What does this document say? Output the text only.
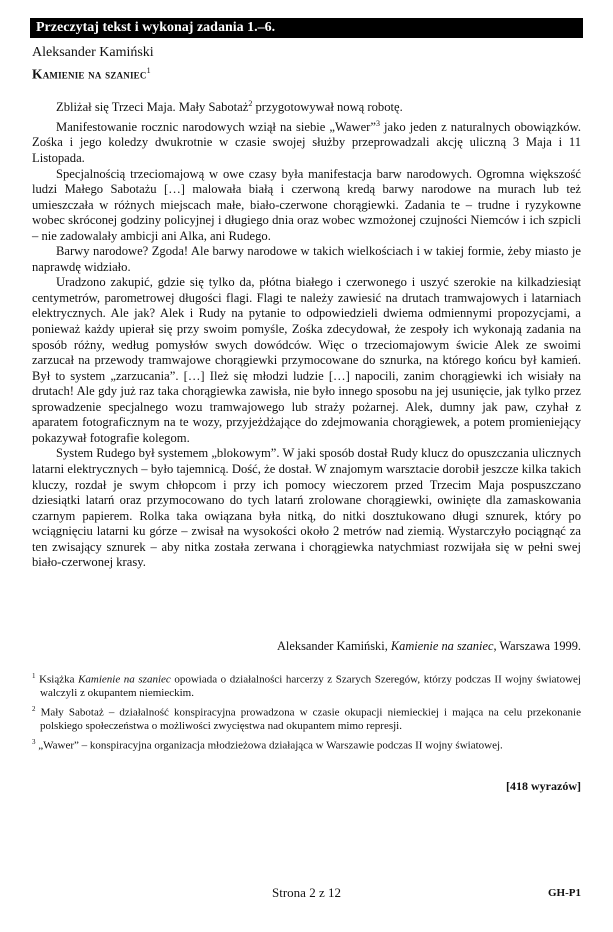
Przeczytaj tekst i wykonaj zadania 1.–6.
Aleksander Kamiński
Kamienie na szaniec$^1$

Zbliżał się Trzeci Maja. Mały Sabotaż$^2$ przygotowywał nową robotę.

Manifestowanie rocznic narodowych wziął na siebie „Wawer”$^3$ jako jeden z naturalnych obowiązków. Zośka i jego koledzy dwukrotnie w czasie swojej służby przeprowadzali akcję uliczną 3 Maja i 11 Listopada.

Specjalnością trzeciomajową w owe czasy była manifestacja barw narodowych. Ogromna większość ludzi Małego Sabotażu […] malowała białą i czerwoną kredą barwy narodowe na murach lub też umieszczała w różnych miejscach małe, biało-czerwone chorągiewki. Zadania te – trudne i ryzykowne wobec skróconej godziny policyjnej i długiego dnia oraz wobec wzmożonej czujności Niemców i ich szpicli – nie zadowalały ambicji ani Alka, ani Rudego.

Barwy narodowe? Zgoda! Ale barwy narodowe w takich wielkościach i w takiej formie, żeby miasto je naprawdę widziało.

Uradzono zakupić, gdzie się tylko da, płótna białego i czerwonego i uszyć szerokie na kilkadziesiąt centymetrów, parometrowej długości flagi. Flagi te należy zawiesić na drutach tramwajowych i latarniach elektrycznych. Ale jak? Alek i Rudy na pytanie to odpowiedzieli dwiema odmiennymi propozycjami, a ponieważ każdy upierał się przy swoim pomyśle, Zośka zdecydował, że zespoły ich wykonają zadania na sposób różny, według pomysłów swych dowódców. Więc o trzeciomajowym świcie Alek ze swoimi zarzucał na przewody tramwajowe chorągiewki przymocowane do sznurka, na którego końcu był kamień. Był to system „zarzucania”. […] Ileż się młodzi ludzie […] napocili, zanim chorągiewki ich wisiały na drutach! Ale gdy już raz taka chorągiewka zawisła, nie było innego sposobu na jej usunięcie, jak tylko przez sprowadzenie specjalnego wozu tramwajowego lub straży pożarnej. Alek, dumny jak paw, czyhał z aparatem fotograficznym na te wozy, przyjeżdżające do zdejmowania chorągiewek, a potem promieniejący pokazywał fotografie kolegom.

System Rudego był systemem „blokowym”. W jaki sposób dostał Rudy klucz do opuszczania ulicznych latarni elektrycznych – było tajemnicą. Dość, że dostał. W znajomym warsztacie dorobił jeszcze kilka takich kluczy, rozdał je swym chłopcom i przy ich pomocy wieczorem przed Trzecim Maja pospuszczano dziesiątki latarń oraz przymocowano do tych latarń zrolowane chorągiewki, owinięte dla zamaskowania czarnym papierem. Rolka taka owiązana była nitką, do nitki dosztukowano długi sznurek, który po wciągnięciu latarni ku górze – zwisał na wysokości około 2 metrów nad ziemią. Wystarczyło pociągnąć za ten zwisający sznurek – aby nitka została zerwana i chorągiewka natychmiast rozwijała się w pełni swej biało-czerwonej krasy.

Aleksander Kamiński, Kamienie na szaniec, Warszawa 1999.

$^1$ Książka Kamienie na szaniec opowiada o działalności harcerzy z Szarych Szeregów, którzy podczas II wojny światowej walczyli z okupantem niemieckim.

$^2$ Mały Sabotaż – działalność konspiracyjna prowadzona w czasie okupacji niemieckiej i mająca na celu przekonanie polskiego społeczeństwa o możliwości zwycięstwa nad okupantem mimo represji.

$^3$ „Wawer” – konspiracyjna organizacja młodzieżowa działająca w Warszawie podczas II wojny światowej.

[418 wyrazów]
Strona 2 z 12	GH-P1
